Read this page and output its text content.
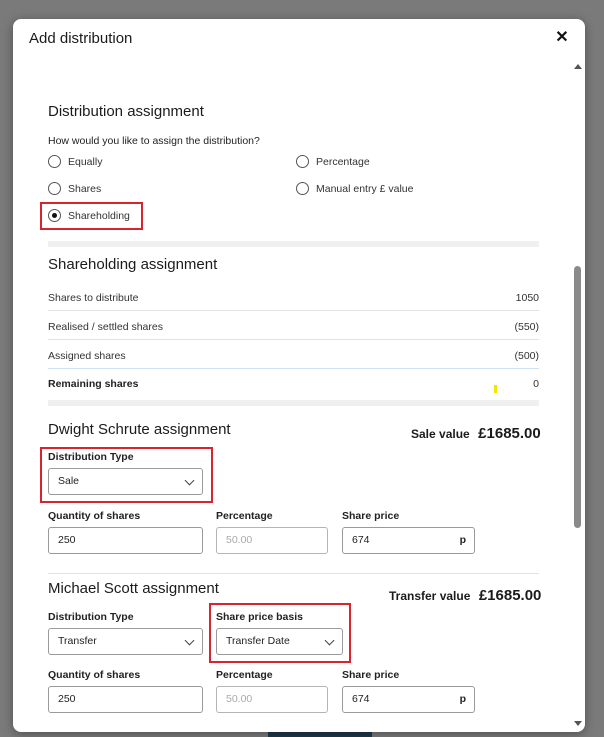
Add distribution	✕
Distribution assignment
How would you like to assign the distribution?
Equally	Percentage
Shares	Manual entry £ value
Shareholding
Shareholding assignment
Shares to distribute	1050
Realised / settled shares	(550)
Assigned shares	(500)
Remaining shares	0
Dwight Schrute assignment	Sale value £1685.00
Distribution Type
Sale
Quantity of shares
250
Percentage
50.00
Share price
674	p
Michael Scott assignment	Transfer value £1685.00
Distribution Type
Transfer
Share price basis
Transfer Date
Quantity of shares
250
Percentage
50.00
Share price
674	p
